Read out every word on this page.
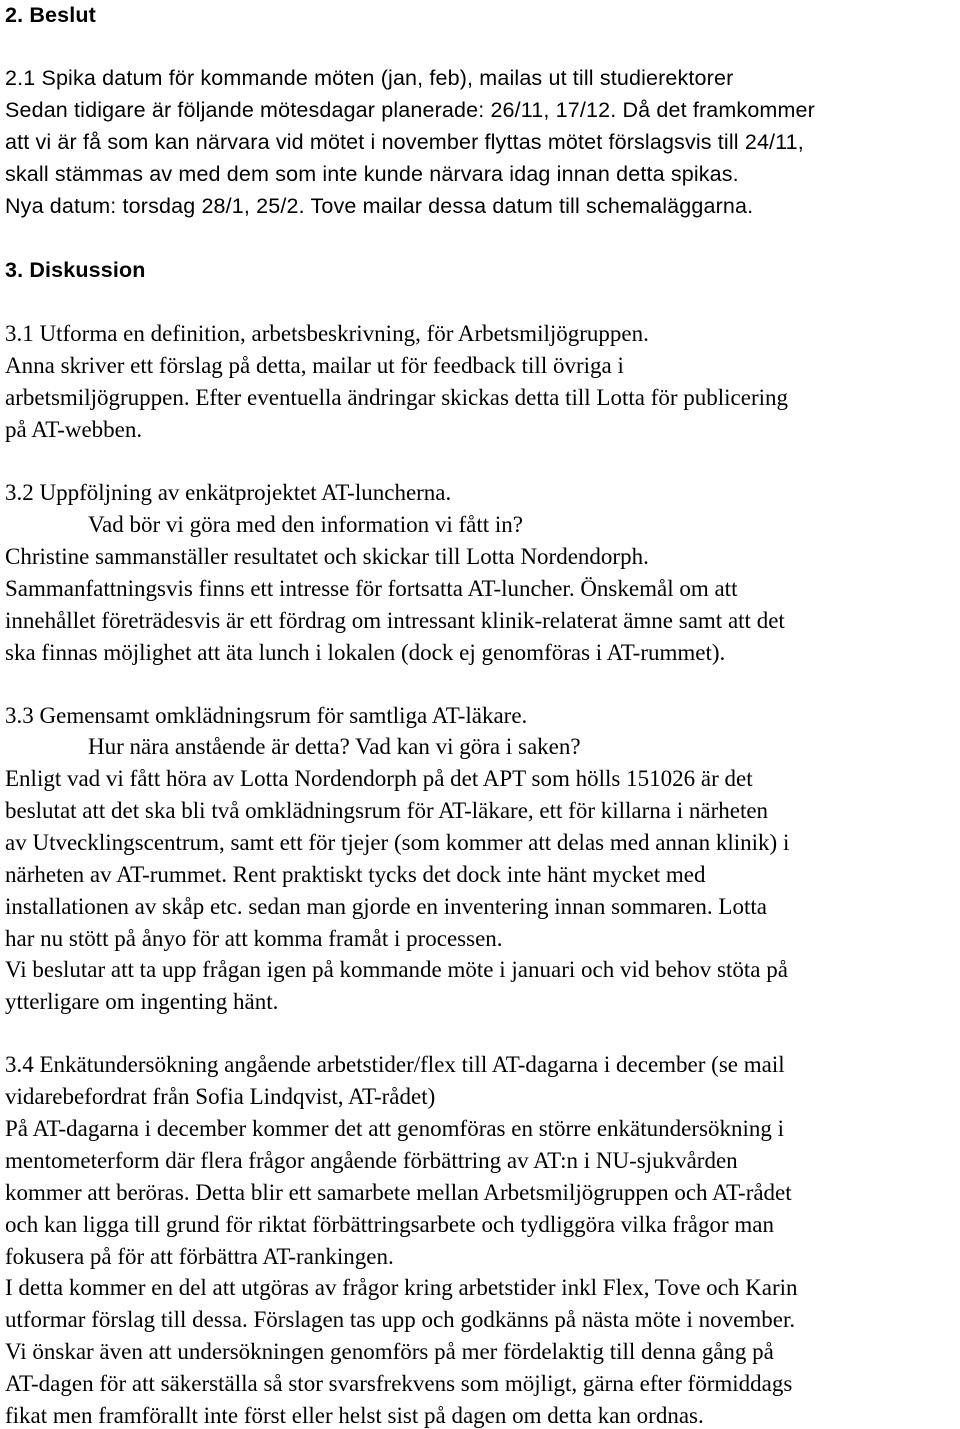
2. Beslut
2.1 Spika datum för kommande möten (jan, feb), mailas ut till studierektorer
Sedan tidigare är följande mötesdagar planerade: 26/11, 17/12. Då det framkommer
att vi är få som kan närvara vid mötet i november flyttas mötet förslagsvis till 24/11,
skall stämmas av med dem som inte kunde närvara idag innan detta spikas.
Nya datum: torsdag 28/1, 25/2. Tove mailar dessa datum till schemaläggarna.
3. Diskussion
3.1 Utforma en definition, arbetsbeskrivning, för Arbetsmiljögruppen.
Anna skriver ett förslag på detta, mailar ut för feedback till övriga i
arbetsmiljögruppen. Efter eventuella ändringar skickas detta till Lotta för publicering
på AT-webben.
3.2 Uppföljning av enkätprojektet AT-luncherna.
Vad bör vi göra med den information vi fått in?
Christine sammanställer resultatet och skickar till Lotta Nordendorph.
Sammanfattningsvis finns ett intresse för fortsatta AT-luncher. Önskemål om att
innehållet företrädesvis är ett fördrag om intressant klinik-relaterat ämne samt att det
ska finnas möjlighet att äta lunch i lokalen (dock ej genomföras i AT-rummet).
3.3 Gemensamt omklädningsrum för samtliga AT-läkare.
Hur nära anstående är detta? Vad kan vi göra i saken?
Enligt vad vi fått höra av Lotta Nordendorph på det APT som hölls 151026 är det
beslutat att det ska bli två omklädningsrum för AT-läkare, ett för killarna i närheten
av Utvecklingscentrum, samt ett för tjejer (som kommer att delas med annan klinik) i
närheten av AT-rummet. Rent praktiskt tycks det dock inte hänt mycket med
installationen av skåp etc. sedan man gjorde en inventering innan sommaren. Lotta
har nu stött på ånyo för att komma framåt i processen.
Vi beslutar att ta upp frågan igen på kommande möte i januari och vid behov stöta på
ytterligare om ingenting hänt.
3.4 Enkätundersökning angående arbetstider/flex till AT-dagarna i december (se mail
vidarebefordrat från Sofia Lindqvist, AT-rådet)
På AT-dagarna i december kommer det att genomföras en större enkätundersökning i
mentometerform där flera frågor angående förbättring av AT:n i NU-sjukvården
kommer att beröras. Detta blir ett samarbete mellan Arbetsmiljögruppen och AT-rådet
och kan ligga till grund för riktat förbättringsarbete och tydliggöra vilka frågor man
fokusera på för att förbättra AT-rankingen.
I detta kommer en del att utgöras av frågor kring arbetstider inkl Flex, Tove och Karin
utformar förslag till dessa. Förslagen tas upp och godkänns på nästa möte i november.
Vi önskar även att undersökningen genomförs på mer fördelaktig till denna gång på
AT-dagen för att säkerställa så stor svarsfrekvens som möjligt, gärna efter förmiddags
fikat men framförallt inte först eller helst sist på dagen om detta kan ordnas.
